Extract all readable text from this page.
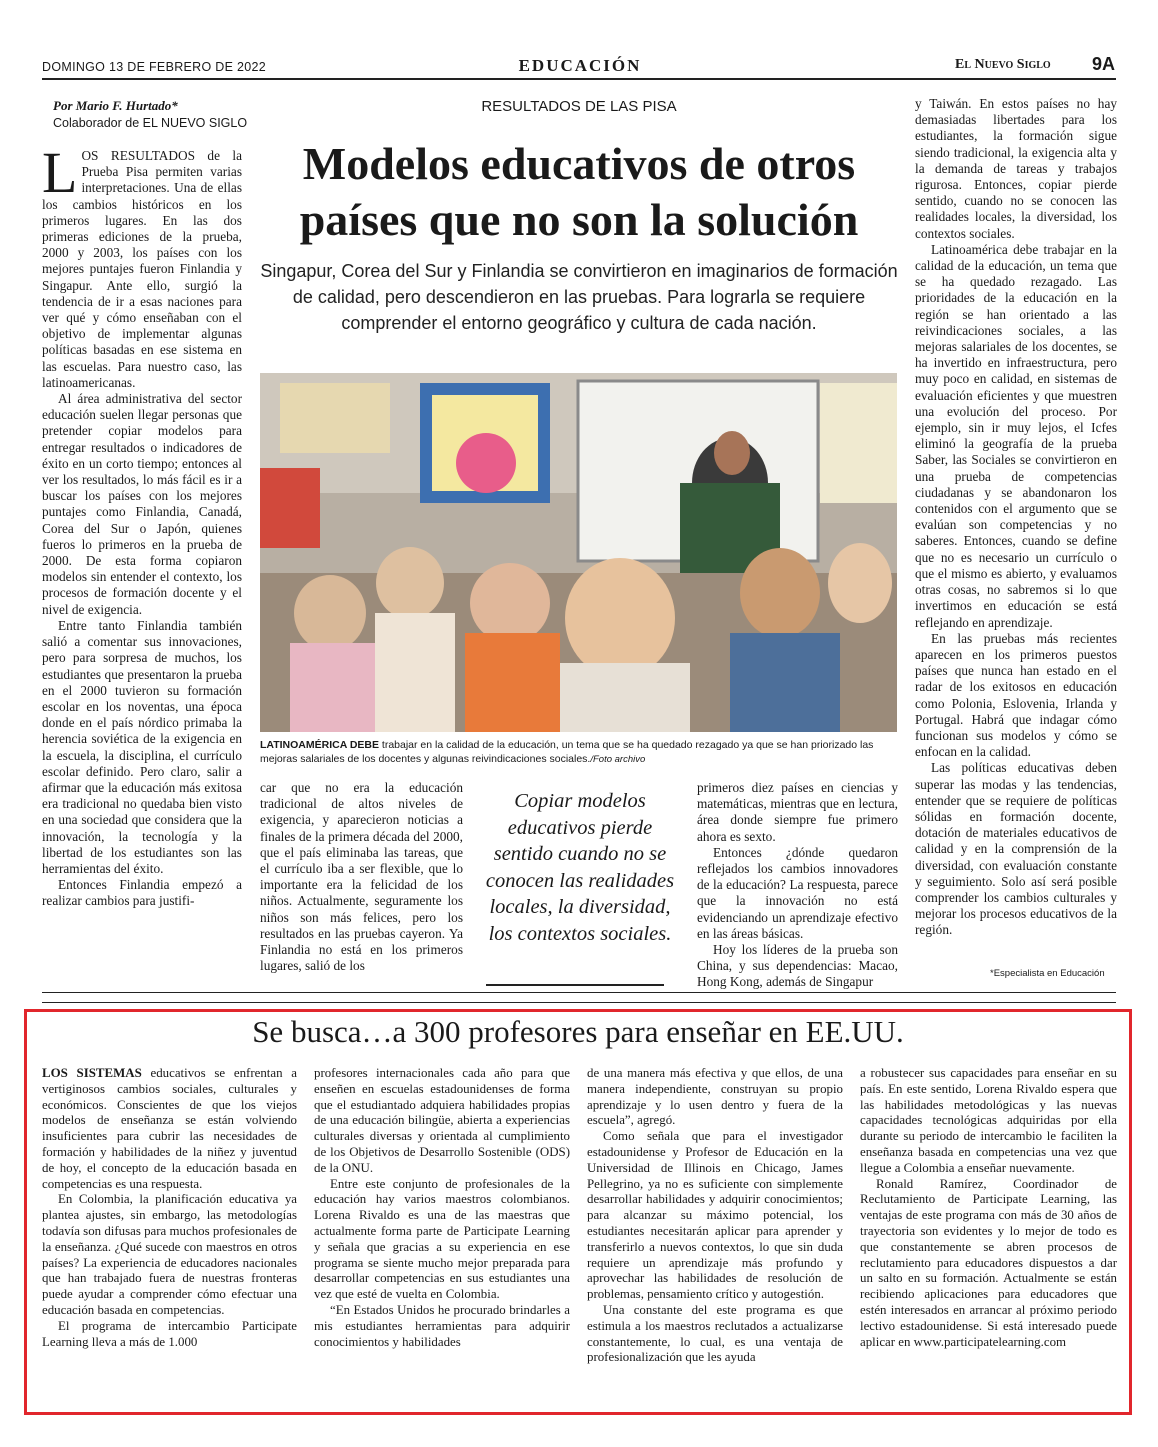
DOMINGO 13 DE FEBRERO DE 2022	EDUCACIÓN	El Nuevo Siglo 9A
Por Mario F. Hurtado*
Colaborador de EL NUEVO SIGLO

LOS RESULTADOS de la Prueba Pisa permiten varias interpretaciones. Una de ellas los cambios históricos en los primeros lugares. En las dos primeras ediciones de la prueba, 2000 y 2003, los países con los mejores puntajes fueron Finlandia y Singapur. Ante ello, surgió la tendencia de ir a esas naciones para ver qué y cómo enseñaban con el objetivo de implementar algunas políticas basadas en ese sistema en las escuelas. Para nuestro caso, las latinoamericanas.

Al área administrativa del sector educación suelen llegar personas que pretender copiar modelos para entregar resultados o indicadores de éxito en un corto tiempo; entonces al ver los resultados, lo más fácil es ir a buscar los países con los mejores puntajes como Finlandia, Canadá, Corea del Sur o Japón, quienes fueros lo primeros en la prueba de 2000. De esta forma copiaron modelos sin entender el contexto, los procesos de formación docente y el nivel de exigencia.

Entre tanto Finlandia también salió a comentar sus innovaciones, pero para sorpresa de muchos, los estudiantes que presentaron la prueba en el 2000 tuvieron su formación escolar en los noventas, una época donde en el país nórdico primaba la herencia soviética de la exigencia en la escuela, la disciplina, el currículo escolar definido. Pero claro, salir a afirmar que la educación más exitosa era tradicional no quedaba bien visto en una sociedad que considera que la innovación, la tecnología y la libertad de los estudiantes son las herramientas del éxito.

Entonces Finlandia empezó a realizar cambios para justifi-

RESULTADOS DE LAS PISA
Modelos educativos de otros países que no son la solución
Singapur, Corea del Sur y Finlandia se convirtieron en imaginarios de formación de calidad, pero descendieron en las pruebas. Para lograrla se requiere comprender el entorno geográfico y cultura de cada nación.
LATINOAMÉRICA DEBE trabajar en la calidad de la educación, un tema que se ha quedado rezagado ya que se han priorizado las mejoras salariales de los docentes y algunas reivindicaciones sociales./Foto archivo

car que no era la educación tradicional de altos niveles de exigencia, y aparecieron noticias a finales de la primera década del 2000, que el país eliminaba las tareas, que el currículo iba a ser flexible, que lo importante era la felicidad de los niños. Actualmente, seguramente los niños son más felices, pero los resultados en las pruebas cayeron. Ya Finlandia no está en los primeros lugares, salió de los

Copiar modelos educativos pierde sentido cuando no se conocen las realidades locales, la diversidad, los contextos sociales.

primeros diez países en ciencias y matemáticas, mientras que en lectura, área donde siempre fue primero ahora es sexto.

Entonces ¿dónde quedaron reflejados los cambios innovadores de la educación? La respuesta, parece que la innovación no está evidenciando un aprendizaje efectivo en las áreas básicas.

Hoy los líderes de la prueba son China, y sus dependencias: Macao, Hong Kong, además de Singapur

y Taiwán. En estos países no hay demasiadas libertades para los estudiantes, la formación sigue siendo tradicional, la exigencia alta y la demanda de tareas y trabajos rigurosa. Entonces, copiar pierde sentido, cuando no se conocen las realidades locales, la diversidad, los contextos sociales.

Latinoamérica debe trabajar en la calidad de la educación, un tema que se ha quedado rezagado. Las prioridades de la educación en la región se han orientado a las reivindicaciones sociales, a las mejoras salariales de los docentes, se ha invertido en infraestructura, pero muy poco en calidad, en sistemas de evaluación eficientes y que muestren una evolución del proceso. Por ejemplo, sin ir muy lejos, el Icfes eliminó la geografía de la prueba Saber, las Sociales se convirtieron en una prueba de competencias ciudadanas y se abandonaron los contenidos con el argumento que se evalúan son competencias y no saberes. Entonces, cuando se define que no es necesario un currículo o que el mismo es abierto, y evaluamos otras cosas, no sabremos si lo que invertimos en educación se está reflejando en aprendizaje.

En las pruebas más recientes aparecen en los primeros puestos países que nunca han estado en el radar de los exitosos en educación como Polonia, Eslovenia, Irlanda y Portugal. Habrá que indagar cómo funcionan sus modelos y cómo se enfocan en la calidad.

Las políticas educativas deben superar las modas y las tendencias, entender que se requiere de políticas sólidas en formación docente, dotación de materiales educativos de calidad y en la comprensión de la diversidad, con evaluación constante y seguimiento. Solo así será posible comprender los cambios culturales y mejorar los procesos educativos de la región.

*Especialista en Educación
Se busca…a 300 profesores para enseñar en EE.UU.

LOS SISTEMAS educativos se enfrentan a vertiginosos cambios sociales, culturales y económicos. Conscientes de que los viejos modelos de enseñanza se están volviendo insuficientes para cubrir las necesidades de formación y habilidades de la niñez y juventud de hoy, el concepto de la educación basada en competencias es una respuesta.

En Colombia, la planificación educativa ya plantea ajustes, sin embargo, las metodologías todavía son difusas para muchos profesionales de la enseñanza. ¿Qué sucede con maestros en otros países? La experiencia de educadores nacionales que han trabajado fuera de nuestras fronteras puede ayudar a comprender cómo efectuar una educación basada en competencias.

El programa de intercambio Participate Learning lleva a más de 1.000

profesores internacionales cada año para que enseñen en escuelas estadounidenses de forma que el estudiantado adquiera habilidades propias de una educación bilingüe, abierta a experiencias culturales diversas y orientada al cumplimiento de los Objetivos de Desarrollo Sostenible (ODS) de la ONU.

Entre este conjunto de profesionales de la educación hay varios maestros colombianos. Lorena Rivaldo es una de las maestras que actualmente forma parte de Participate Learning y señala que gracias a su experiencia en ese programa se siente mucho mejor preparada para desarrollar competencias en sus estudiantes una vez que esté de vuelta en Colombia.

“En Estados Unidos he procurado brindarles a mis estudiantes herramientas para adquirir conocimientos y habilidades

de una manera más efectiva y que ellos, de una manera independiente, construyan su propio aprendizaje y lo usen dentro y fuera de la escuela”, agregó.

Como señala que para el investigador estadounidense y Profesor de Educación en la Universidad de Illinois en Chicago, James Pellegrino, ya no es suficiente con simplemente desarrollar habilidades y adquirir conocimientos; para alcanzar su máximo potencial, los estudiantes necesitarán aplicar para aprender y transferirlo a nuevos contextos, lo que sin duda requiere un aprendizaje más profundo y aprovechar las habilidades de resolución de problemas, pensamiento crítico y autogestión.

Una constante del este programa es que estimula a los maestros reclutados a actualizarse constantemente, lo cual, es una ventaja de profesionalización que les ayuda

a robustecer sus capacidades para enseñar en su país. En este sentido, Lorena Rivaldo espera que las habilidades metodológicas y las nuevas capacidades tecnológicas adquiridas por ella durante su periodo de intercambio le faciliten la enseñanza basada en competencias una vez que llegue a Colombia a enseñar nuevamente.

Ronald Ramírez, Coordinador de Reclutamiento de Participate Learning, las ventajas de este programa con más de 30 años de trayectoria son evidentes y lo mejor de todo es que constantemente se abren procesos de reclutamiento para educadores dispuestos a dar un salto en su formación. Actualmente se están recibiendo aplicaciones para educadores que estén interesados en arrancar al próximo periodo lectivo estadounidense. Si está interesado puede aplicar en www.participatelearning.com
